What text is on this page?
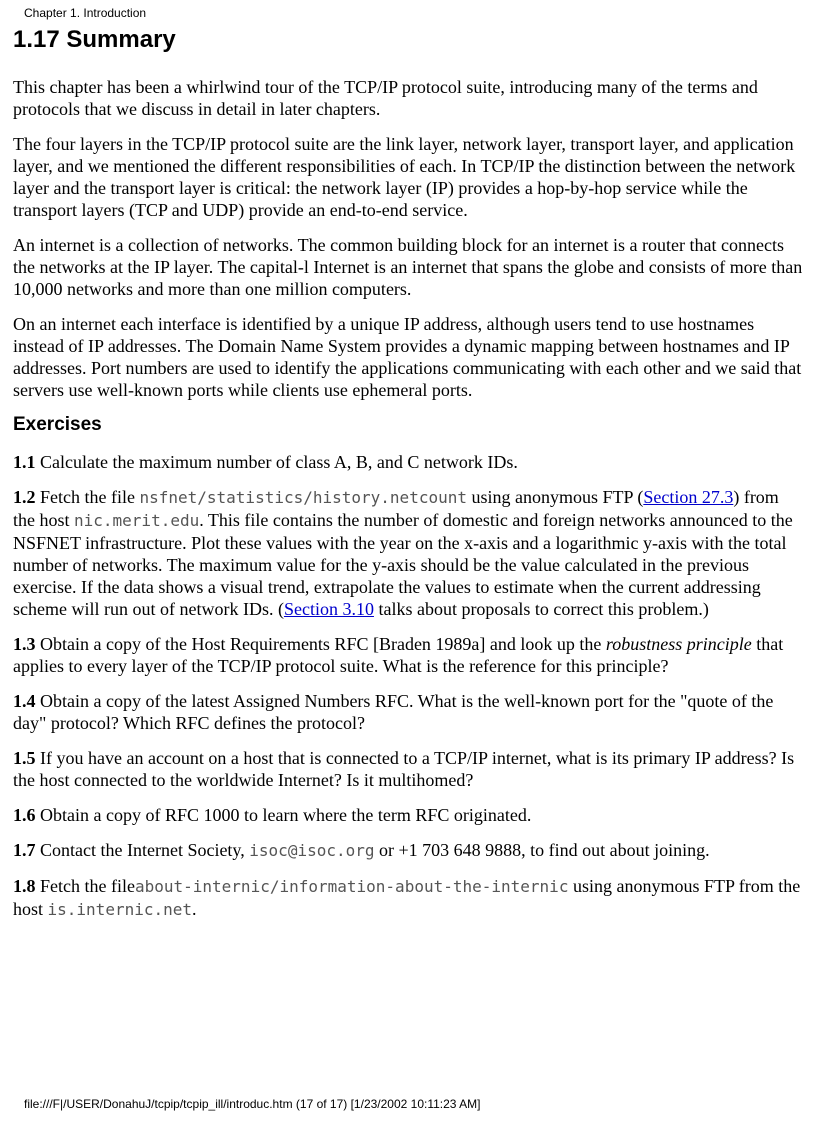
Chapter 1. Introduction
1.17 Summary

This chapter has been a whirlwind tour of the TCP/IP protocol suite, introducing many of the terms and protocols that we discuss in detail in later chapters.

The four layers in the TCP/IP protocol suite are the link layer, network layer, transport layer, and application layer, and we mentioned the different responsibilities of each. In TCP/IP the distinction between the network layer and the transport layer is critical: the network layer (IP) provides a hop-by-hop service while the transport layers (TCP and UDP) provide an end-to-end service.

An internet is a collection of networks. The common building block for an internet is a router that connects the networks at the IP layer. The capital-l Internet is an internet that spans the globe and consists of more than 10,000 networks and more than one million computers.

On an internet each interface is identified by a unique IP address, although users tend to use hostnames instead of IP addresses. The Domain Name System provides a dynamic mapping between hostnames and IP addresses. Port numbers are used to identify the applications communicating with each other and we said that servers use well-known ports while clients use ephemeral ports.

Exercises

1.1 Calculate the maximum number of class A, B, and C network IDs.

1.2 Fetch the file nsfnet/statistics/history.netcount using anonymous FTP (Section 27.3) from the host nic.merit.edu. This file contains the number of domestic and foreign networks announced to the NSFNET infrastructure. Plot these values with the year on the x-axis and a logarithmic y-axis with the total number of networks. The maximum value for the y-axis should be the value calculated in the previous exercise. If the data shows a visual trend, extrapolate the values to estimate when the current addressing scheme will run out of network IDs. (Section 3.10 talks about proposals to correct this problem.)

1.3 Obtain a copy of the Host Requirements RFC [Braden 1989a] and look up the robustness principle that applies to every layer of the TCP/IP protocol suite. What is the reference for this principle?

1.4 Obtain a copy of the latest Assigned Numbers RFC. What is the well-known port for the "quote of the day" protocol? Which RFC defines the protocol?

1.5 If you have an account on a host that is connected to a TCP/IP internet, what is its primary IP address? Is the host connected to the worldwide Internet? Is it multihomed?

1.6 Obtain a copy of RFC 1000 to learn where the term RFC originated.

1.7 Contact the Internet Society, isoc@isoc.org or +1 703 648 9888, to find out about joining.

1.8 Fetch the fileabout-internic/information-about-the-internic using anonymous FTP from the host is.internic.net.

file:///F|/USER/DonahuJ/tcpip/tcpip_ill/introduc.htm (17 of 17) [1/23/2002 10:11:23 AM]
